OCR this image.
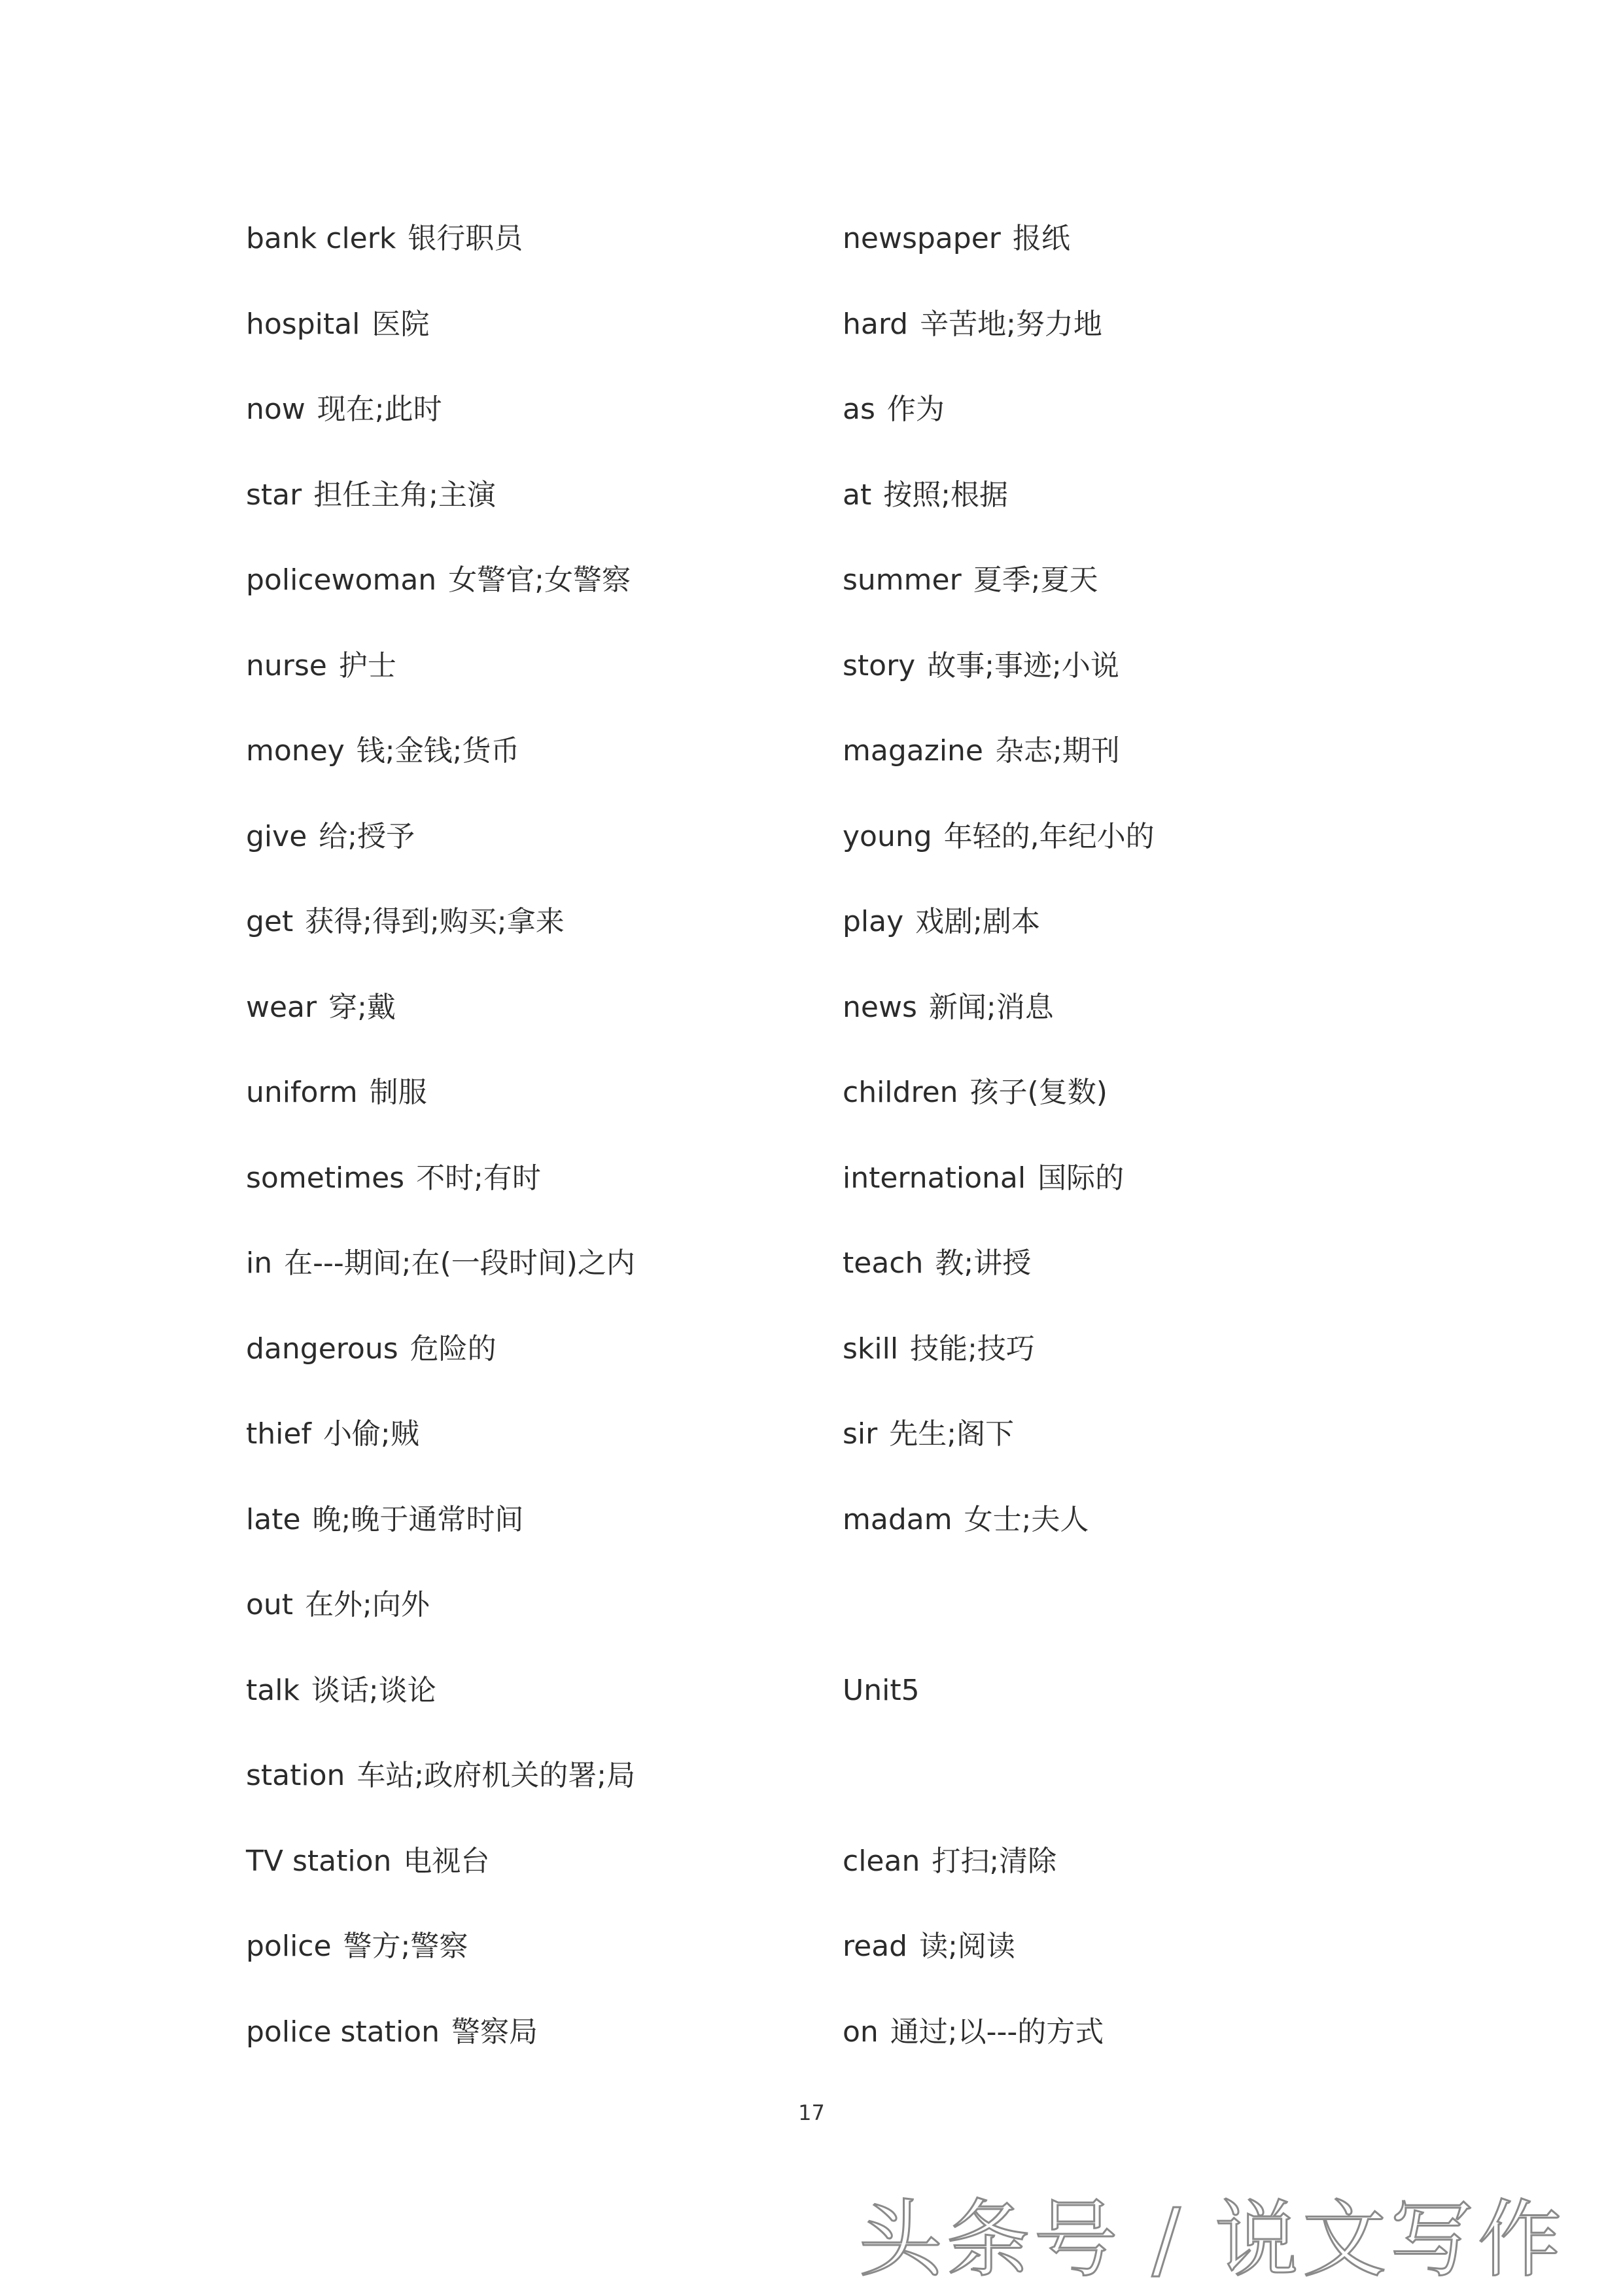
bank clerk 银行职员
hospital 医院
now 现在;此时
star 担任主角;主演
policewoman 女警官;女警察
nurse 护士
money 钱;金钱;货币
give 给;授予
get 获得;得到;购买;拿来
wear 穿;戴
uniform 制服
sometimes 不时;有时
in 在---期间;在(一段时间)之内
dangerous 危险的
thief 小偷;贼
late 晚;晚于通常时间
out 在外;向外
talk 谈话;谈论
station 车站;政府机关的署;局
TV station 电视台
police 警方;警察
police station 警察局
newspaper 报纸
hard 辛苦地;努力地
as 作为
at 按照;根据
summer 夏季;夏天
story 故事;事迹;小说
magazine 杂志;期刊
young 年轻的,年纪小的
play 戏剧;剧本
news 新闻;消息
children 孩子(复数)
international 国际的
teach 教;讲授
skill 技能;技巧
sir 先生;阁下
madam 女士;夫人
Unit5
clean 打扫;清除
read 读;阅读
on 通过;以---的方式
17
头条号 / 说文写作
